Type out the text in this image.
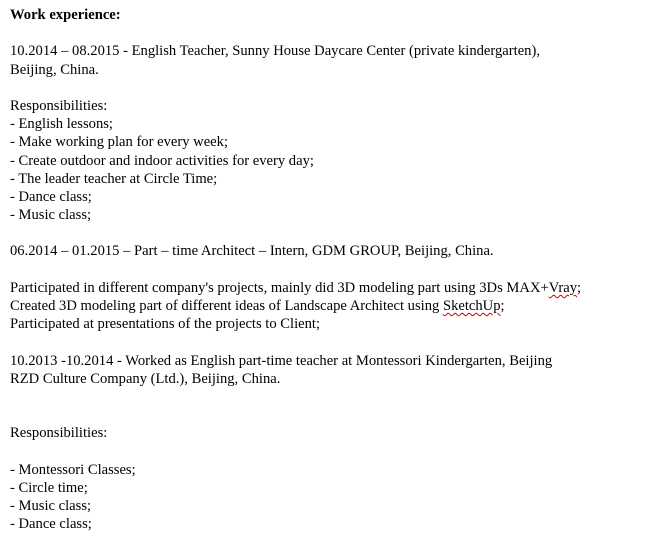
Work experience:
10.2014 – 08.2015 - English Teacher, Sunny House Daycare Center (private kindergarten),
Beijing, China.
Responsibilities:
- English lessons;
- Make working plan for every week;
- Create outdoor and indoor activities for every day;
- The leader teacher at Circle Time;
- Dance class;
- Music class;
06.2014 – 01.2015 – Part – time Architect – Intern, GDM GROUP, Beijing, China.
Participated in different company's projects, mainly did 3D modeling part using 3Ds MAX+Vray;
Created 3D modeling part of different ideas of Landscape Architect using SketchUp;
Participated at presentations of the projects to Client;
10.2013 -10.2014 - Worked as English part-time teacher at Montessori Kindergarten, Beijing
RZD Culture Company (Ltd.), Beijing, China.
Responsibilities:
- Montessori Classes;
- Circle time;
- Music class;
- Dance class;
